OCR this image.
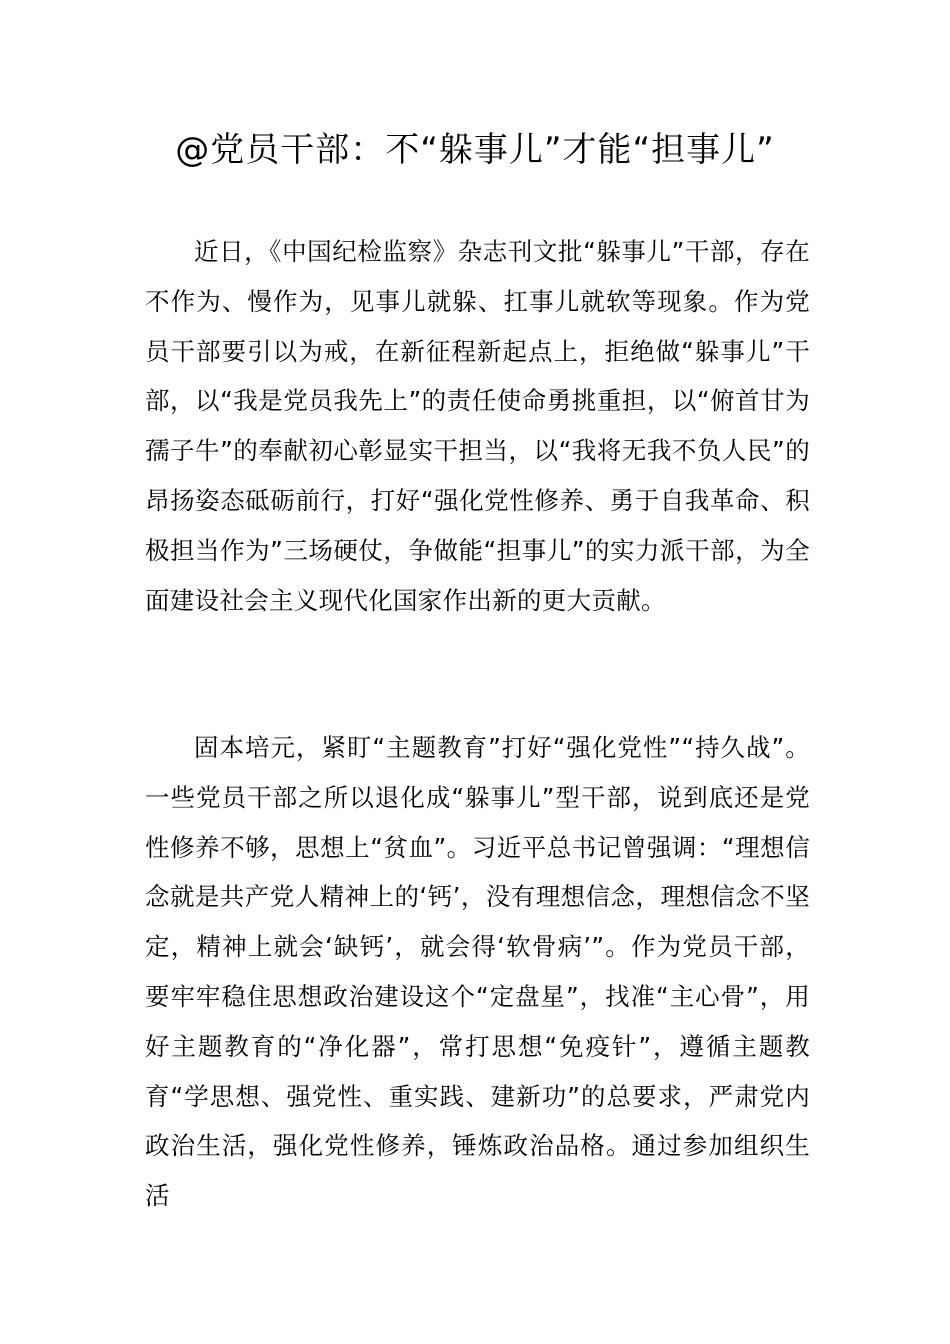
@党员干部：不“躲事儿”才能“担事儿”

近日，《中国纪检监察》杂志刊文批“躲事儿”干部，存在不作为、慢作为，见事儿就躲、扛事儿就软等现象。作为党员干部要引以为戒，在新征程新起点上，拒绝做“躲事儿”干部，以“我是党员我先上”的责任使命勇挑重担，以“俯首甘为孺子牛”的奉献初心彰显实干担当，以“我将无我不负人民”的昂扬姿态砥砺前行，打好“强化党性修养、勇于自我革命、积极担当作为”三场硬仗，争做能“担事儿”的实力派干部，为全面建设社会主义现代化国家作出新的更大贡献。

固本培元，紧盯“主题教育”打好“强化党性”“持久战”。一些党员干部之所以退化成“躲事儿”型干部，说到底还是党性修养不够，思想上“贫血”。习近平总书记曾强调：“理想信念就是共产党人精神上的‘钙’，没有理想信念，理想信念不坚定，精神上就会‘缺钙’，就会得‘软骨病’”。作为党员干部，要牢牢稳住思想政治建设这个“定盘星”，找准“主心骨”，用好主题教育的“净化器”，常打思想“免疫针”，遵循主题教育“学思想、强党性、重实践、建新功”的总要求，严肃党内政治生活，强化党性修养，锤炼政治品格。通过参加组织生活
